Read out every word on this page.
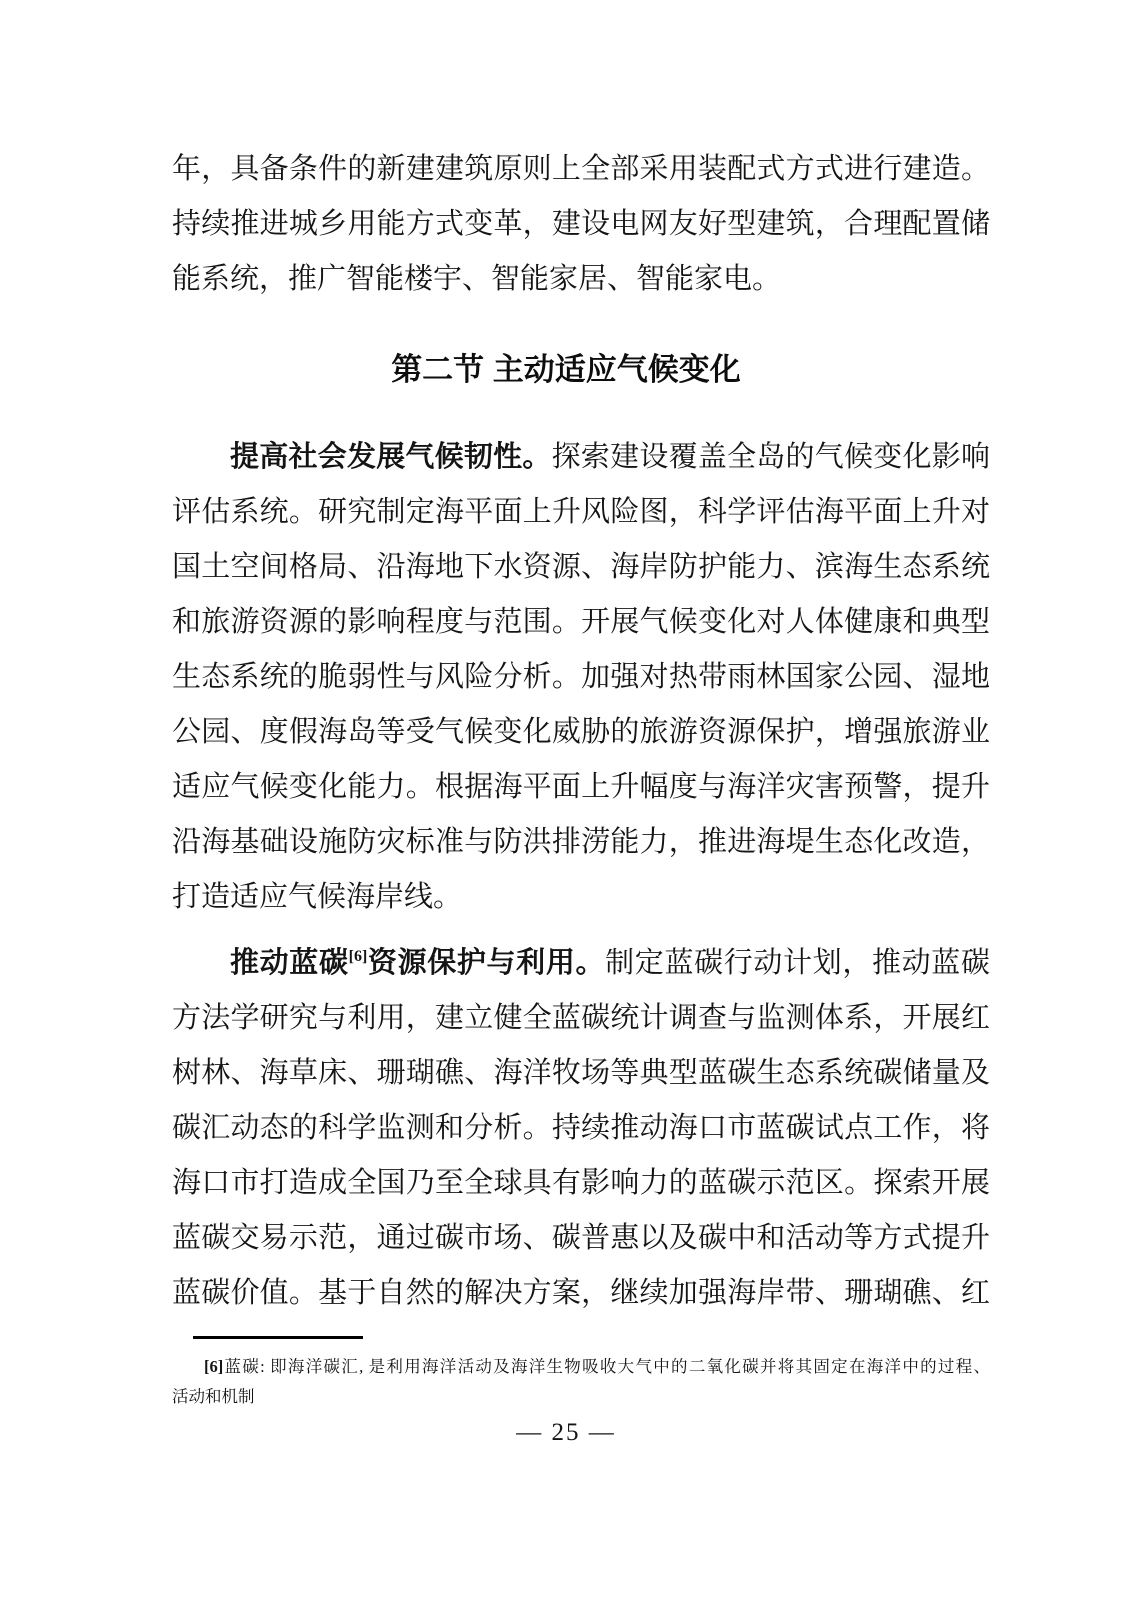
年，具备条件的新建建筑原则上全部采用装配式方式进行建造。
持续推进城乡用能方式变革，建设电网友好型建筑，合理配置储
能系统，推广智能楼宇、智能家居、智能家电。
第二节 主动适应气候变化
提高社会发展气候韧性。探索建设覆盖全岛的气候变化影响
评估系统。研究制定海平面上升风险图，科学评估海平面上升对
国土空间格局、沿海地下水资源、海岸防护能力、滨海生态系统
和旅游资源的影响程度与范围。开展气候变化对人体健康和典型
生态系统的脆弱性与风险分析。加强对热带雨林国家公园、湿地
公园、度假海岛等受气候变化威胁的旅游资源保护，增强旅游业
适应气候变化能力。根据海平面上升幅度与海洋灾害预警，提升
沿海基础设施防灾标准与防洪排涝能力，推进海堤生态化改造，
打造适应气候海岸线。
推动蓝碳[6]资源保护与利用。制定蓝碳行动计划，推动蓝碳
方法学研究与利用，建立健全蓝碳统计调查与监测体系，开展红
树林、海草床、珊瑚礁、海洋牧场等典型蓝碳生态系统碳储量及
碳汇动态的科学监测和分析。持续推动海口市蓝碳试点工作，将
海口市打造成全国乃至全球具有影响力的蓝碳示范区。探索开展
蓝碳交易示范，通过碳市场、碳普惠以及碳中和活动等方式提升
蓝碳价值。基于自然的解决方案，继续加强海岸带、珊瑚礁、红
[6]蓝碳: 即海洋碳汇, 是利用海洋活动及海洋生物吸收大气中的二氧化碳并将其固定在海洋中的过程、
活动和机制
— 25 —
